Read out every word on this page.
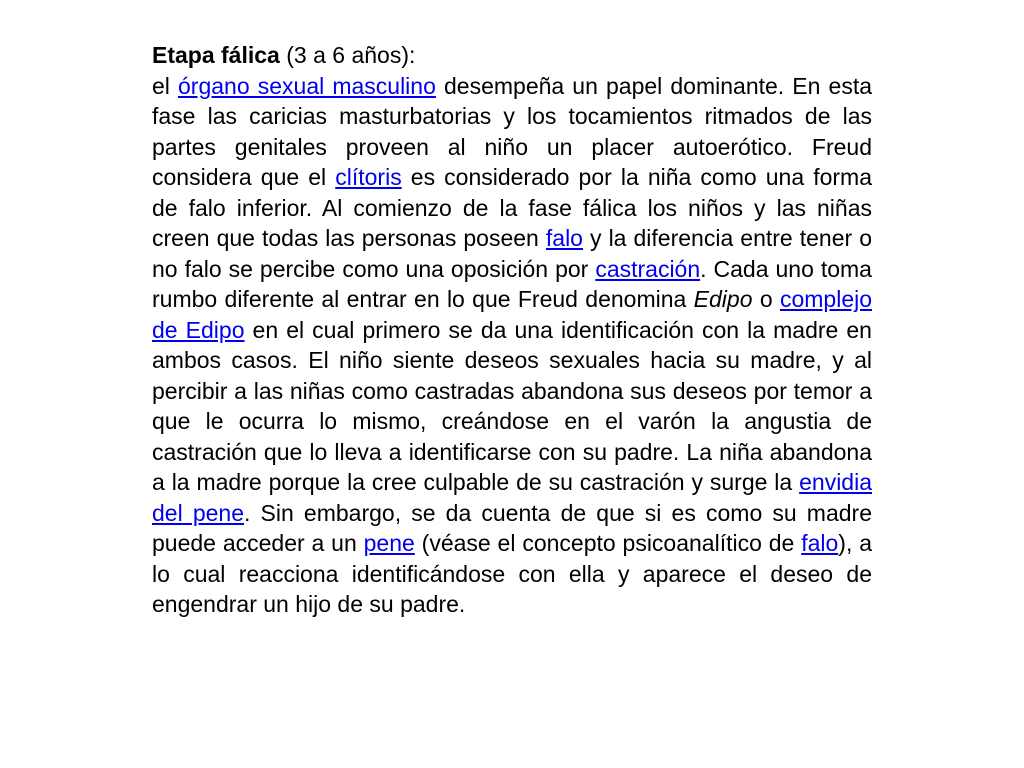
Etapa fálica (3 a 6 años):

el órgano sexual masculino desempeña un papel dominante. En esta fase las caricias masturbatorias y los tocamientos ritmados de las partes genitales proveen al niño un placer autoerótico. Freud considera que el clítoris es considerado por la niña como una forma de falo inferior. Al comienzo de la fase fálica los niños y las niñas creen que todas las personas poseen falo y la diferencia entre tener o no falo se percibe como una oposición por castración. Cada uno toma rumbo diferente al entrar en lo que Freud denomina Edipo o complejo de Edipo en el cual primero se da una identificación con la madre en ambos casos. El niño siente deseos sexuales hacia su madre, y al percibir a las niñas como castradas abandona sus deseos por temor a que le ocurra lo mismo, creándose en el varón la angustia de castración que lo lleva a identificarse con su padre. La niña abandona a la madre porque la cree culpable de su castración y surge la envidia del pene. Sin embargo, se da cuenta de que si es como su madre puede acceder a un pene (véase el concepto psicoanalítico de falo), a lo cual reacciona identificándose con ella y aparece el deseo de engendrar un hijo de su padre.
